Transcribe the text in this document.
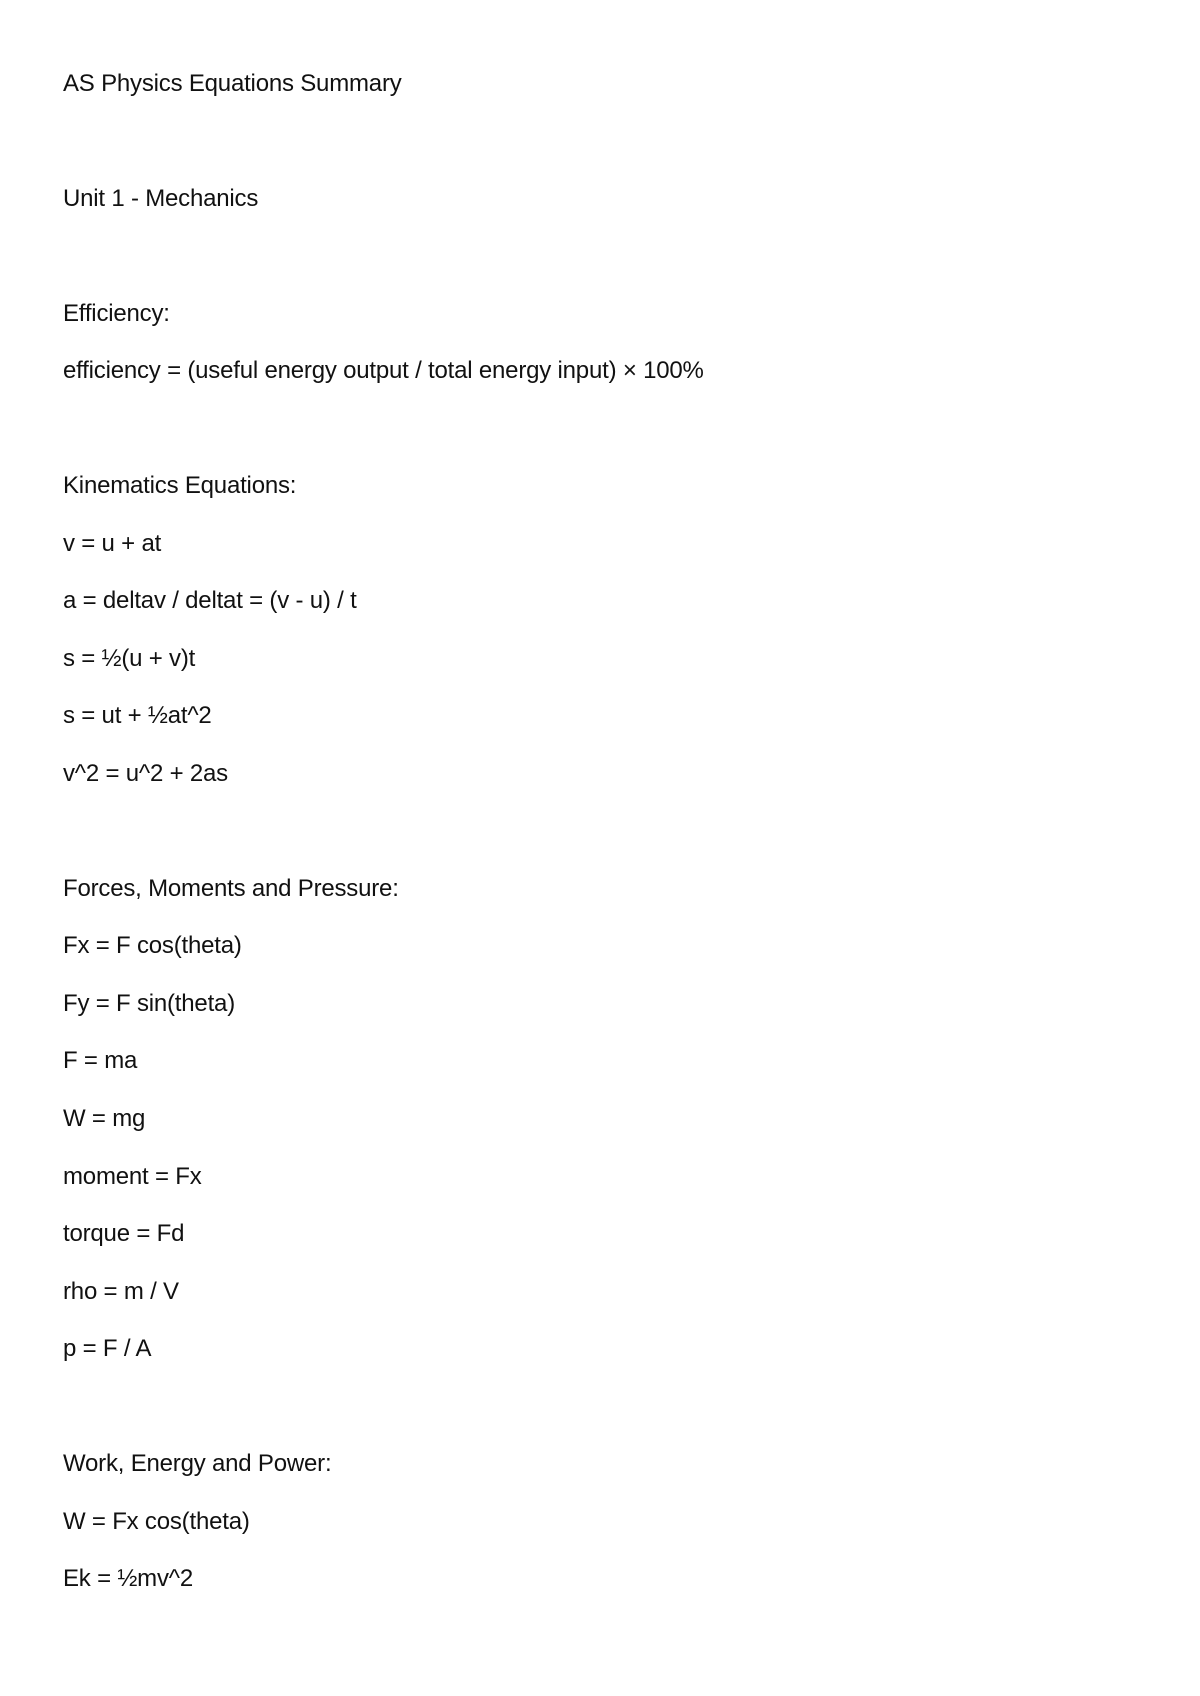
AS Physics Equations Summary
Unit 1 - Mechanics
Efficiency:
efficiency = (useful energy output / total energy input) × 100%
Kinematics Equations:
v = u + at
a = deltav / deltat = (v - u) / t
s = ½(u + v)t
s = ut + ½at^2
v^2 = u^2 + 2as
Forces, Moments and Pressure:
Fx = F cos(theta)
Fy = F sin(theta)
F = ma
W = mg
moment = Fx
torque = Fd
rho = m / V
p = F / A
Work, Energy and Power:
W = Fx cos(theta)
Ek = ½mv^2
